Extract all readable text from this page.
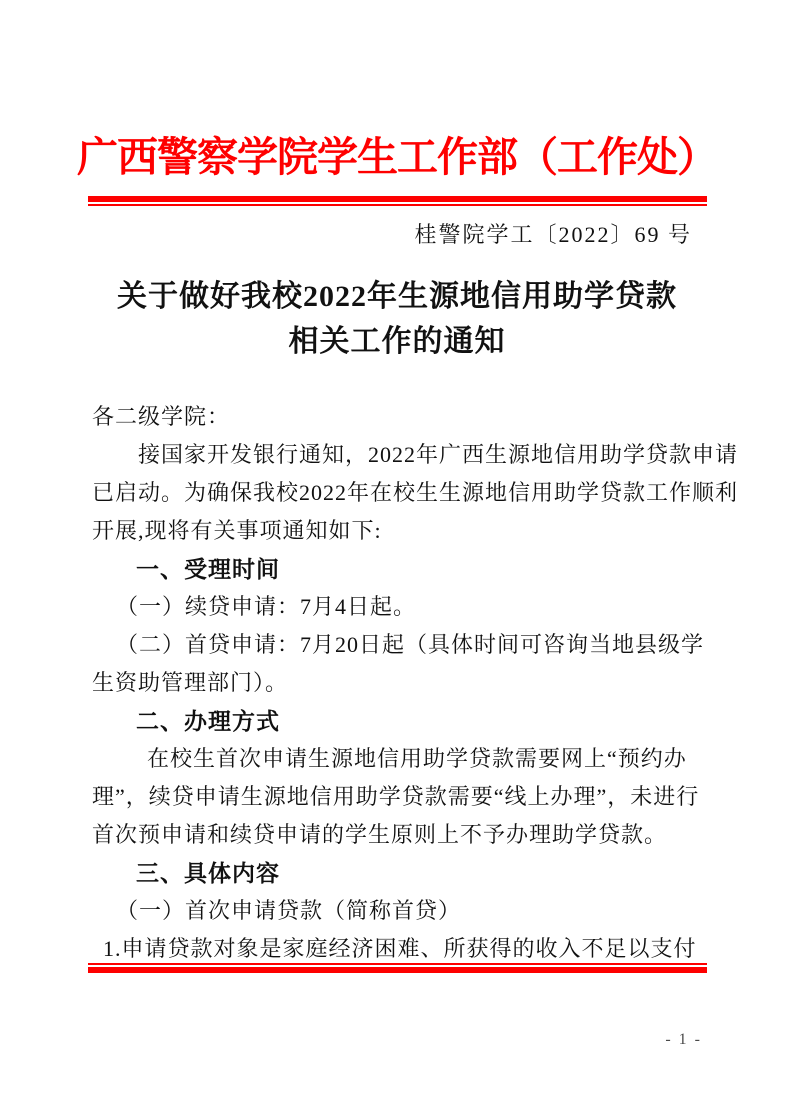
广西警察学院学生工作部（工作处）
桂警院学工〔2022〕69 号
关于做好我校2022年生源地信用助学贷款
相关工作的通知
各二级学院：
接国家开发银行通知，2022年广西生源地信用助学贷款申请
已启动。为确保我校2022年在校生生源地信用助学贷款工作顺利
开展,现将有关事项通知如下:
一、受理时间
（一）续贷申请：7月4日起。
（二）首贷申请：7月20日起（具体时间可咨询当地县级学
生资助管理部门）。
二、办理方式
在校生首次申请生源地信用助学贷款需要网上“预约办
理”，续贷申请生源地信用助学贷款需要“线上办理”，未进行
首次预申请和续贷申请的学生原则上不予办理助学贷款。
三、具体内容
（一）首次申请贷款（简称首贷）
1.申请贷款对象是家庭经济困难、所获得的收入不足以支付
- 1 -
